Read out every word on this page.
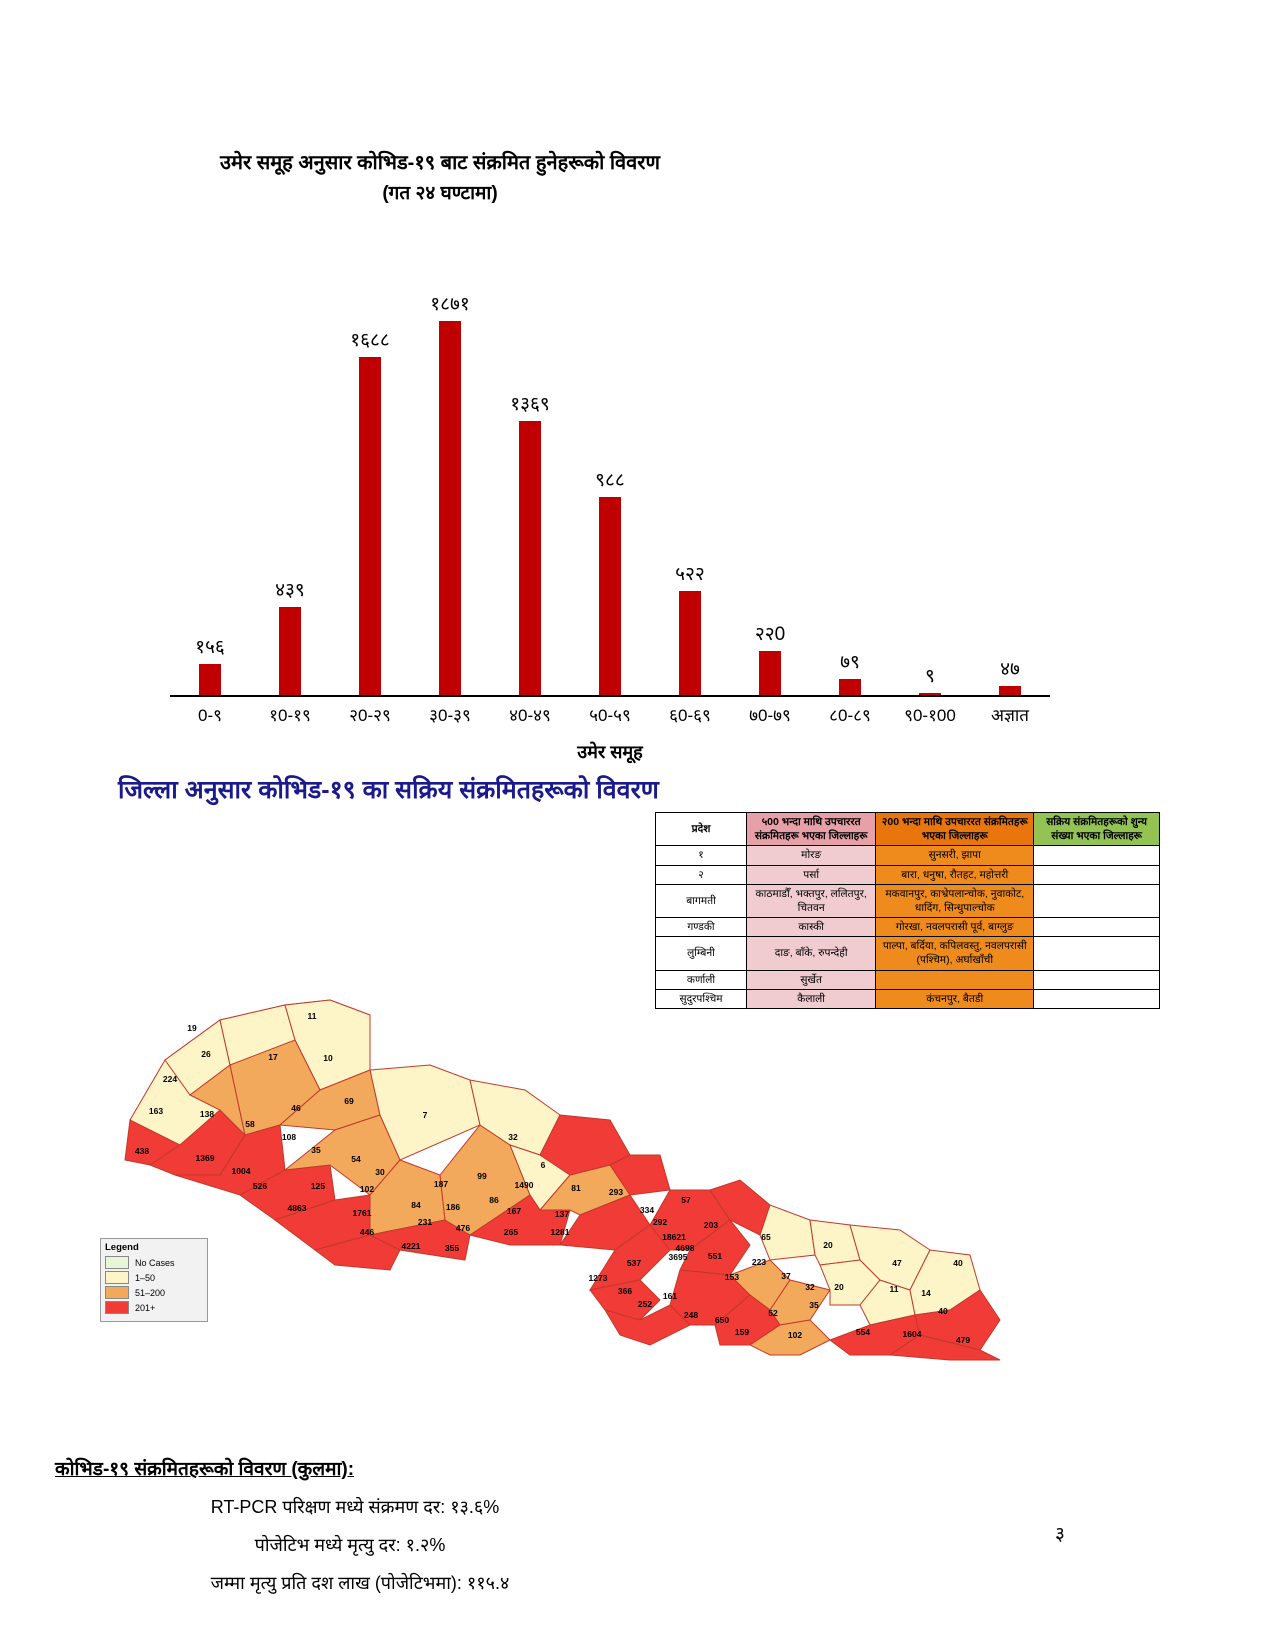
उमेर समूह अनुसार कोभिड-१९ बाट संक्रमित हुनेहरूको विवरण
(गत २४ घण्टामा)
१५६
४३९
१६८८
१८७१
१३६९
९८८
५२२
२२0
७९
९	४७
0-९	१0-१९	२0-२९	३0-३९	४0-४९	५0-५९	६0-६९	७0-७९	८0-८९	९0-१00	अज्ञात
उमेर समूह
जिल्ला अनुसार कोभिड-१९ का सक्रिय संक्रमितहरूको विवरण
प्रदेश	५00 भन्दा माथि उपचाररत संक्रमितहरू भएका जिल्लाहरू	२00 भन्दा माथि उपचाररत संक्रमितहरू भएका जिल्लाहरू	सक्रिय संक्रमितहरूको शुन्य संख्या भएका जिल्लाहरू
१	मोरङ	सुनसरी, झापा	
२	पर्सा	बारा, धनुषा, रौतहट, महोत्तरी	
बागमती	काठमाडौँ, भक्तपुर, ललितपुर, चितवन	मकवानपुर, काभ्रेपलान्चोक, नुवाकोट, धादिंग, सिन्धुपाल्चोक	
गण्डकी	कास्की	गोरखा, नवलपरासी पूर्व, बाग्लुङ	
लुम्बिनी	दाङ, बाँके, रुपन्देही	पाल्पा, बर्दिया, कपिलवस्तु, नवलपरासी (पश्चिम), अर्घाखाँची	
कर्णाली	सुर्खेत		
सुदुरपश्चिम	कैलाली	कंचनपुर, बैतडी	
19
11
26	17	10
224
163	138
46
69
58
7
438
1369
108
35
32
1004
54
30
6
526	125	102	187
99
1490	81	293
4863	1761
84	186
86
167	137	334
57
446
231
476	265	1281
292	203
4221	355
18621
4698
3695 551
65
20
537	223
1273	153	37
47	40
366	161
252
32 20	11	14
248 650
52
35
40
159	102	554	1604
479
Legend
No Cases
1–50
51–200
201+
कोभिड-१९ संक्रमितहरूको विवरण (कुलमा):
RT-PCR परिक्षण मध्ये संक्रमण दर: १३.६%
पोजेटिभ मध्ये मृत्यु दर: १.२%
जम्मा मृत्यु प्रति दश लाख (पोजेटिभमा): ११५.४
३
